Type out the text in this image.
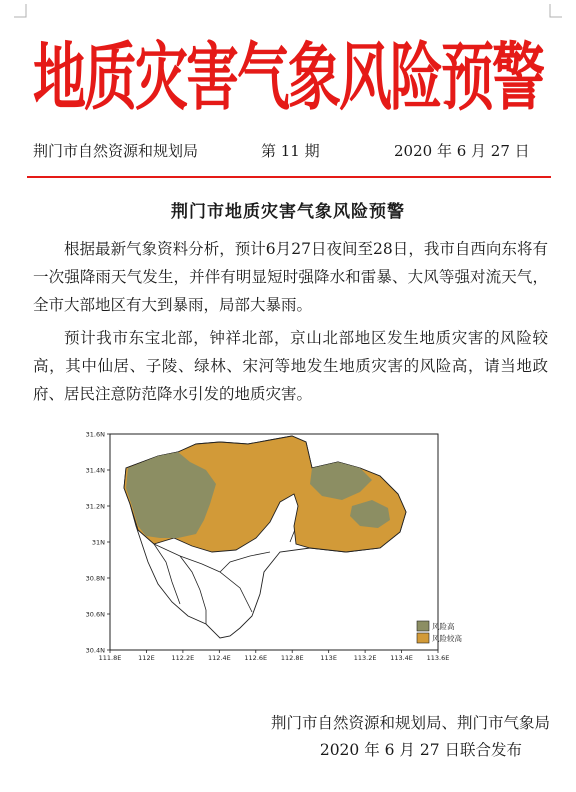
地质灾害气象风险预警
荆门市自然资源和规划局	第 11 期	2020 年 6 月 27 日
荆门市地质灾害气象风险预警

根据最新气象资料分析，预计6月27日夜间至28日，我市自西向东将有一次强降雨天气发生，并伴有明显短时强降水和雷暴、大风等强对流天气，全市大部地区有大到暴雨，局部大暴雨。

预计我市东宝北部，钟祥北部，京山北部地区发生地质灾害的风险较高，其中仙居、子陵、绿林、宋河等地发生地质灾害的风险高，请当地政府、居民注意防范降水引发的地质灾害。

31.6N
31.4N
31.2N
31N
30.8N
30.6N
30.4N
111.8E	112E	112.2E 112.4E 112.6E 112.8E	113E	113.2E 113.4E 113.6E
风险高
风险较高
荆门市自然资源和规划局、荆门市气象局
2020 年 6 月 27 日联合发布
